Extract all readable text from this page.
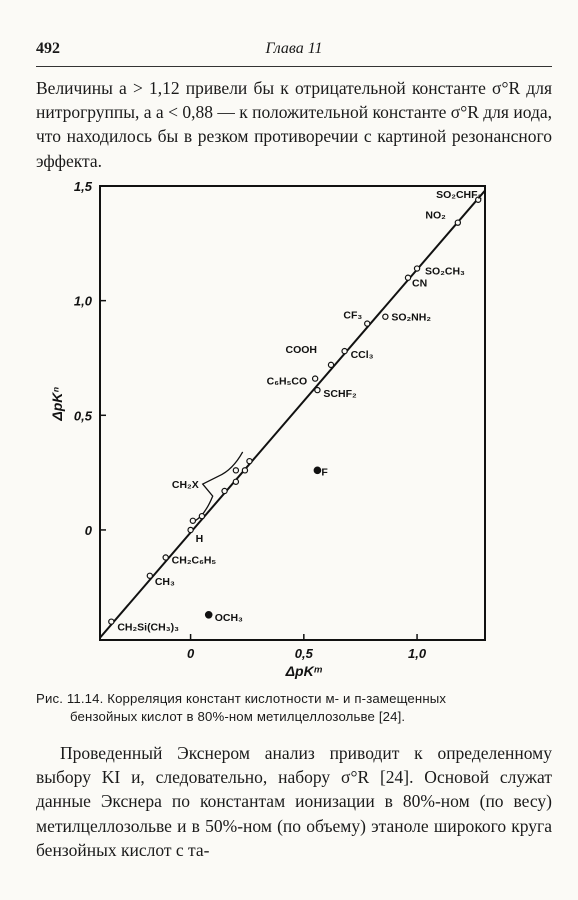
492	Глава 11

Величины a > 1,12 привели бы к отрицательной константе σ°R для нитрогруппы, а a < 0,88 — к положительной константе σ°R для иода, что находилось бы в резком противоречии с картиной резонансного эффекта.

0	0,5	1,0
0
0,5
1,0
1,5
ΔpKᵐ
ΔpKⁿ
CH₂X
SO₂CHF₂
NO₂
SO₂CH₃
CN
CF₃	SO₂NH₂
CCl₃
COOH
C₆H₅CO
SCHF₂
H
CH₂C₆H₅
CH₃
CH₂Si(CH₃)₃
F
OCH₃
Рис. 11.14. Корреляция констант кислотности м- и п-замещенных
бензойных кислот в 80%-ном метилцеллозольве [24].

Проведенный Экснером анализ приводит к определенному выбору KI и, следовательно, набору σ°R [24]. Основой служат данные Экснера по константам ионизации в 80%-ном (по весу) метилцеллозольве и в 50%-ном (по объему) этаноле широкого круга бензойных кислот с та-
